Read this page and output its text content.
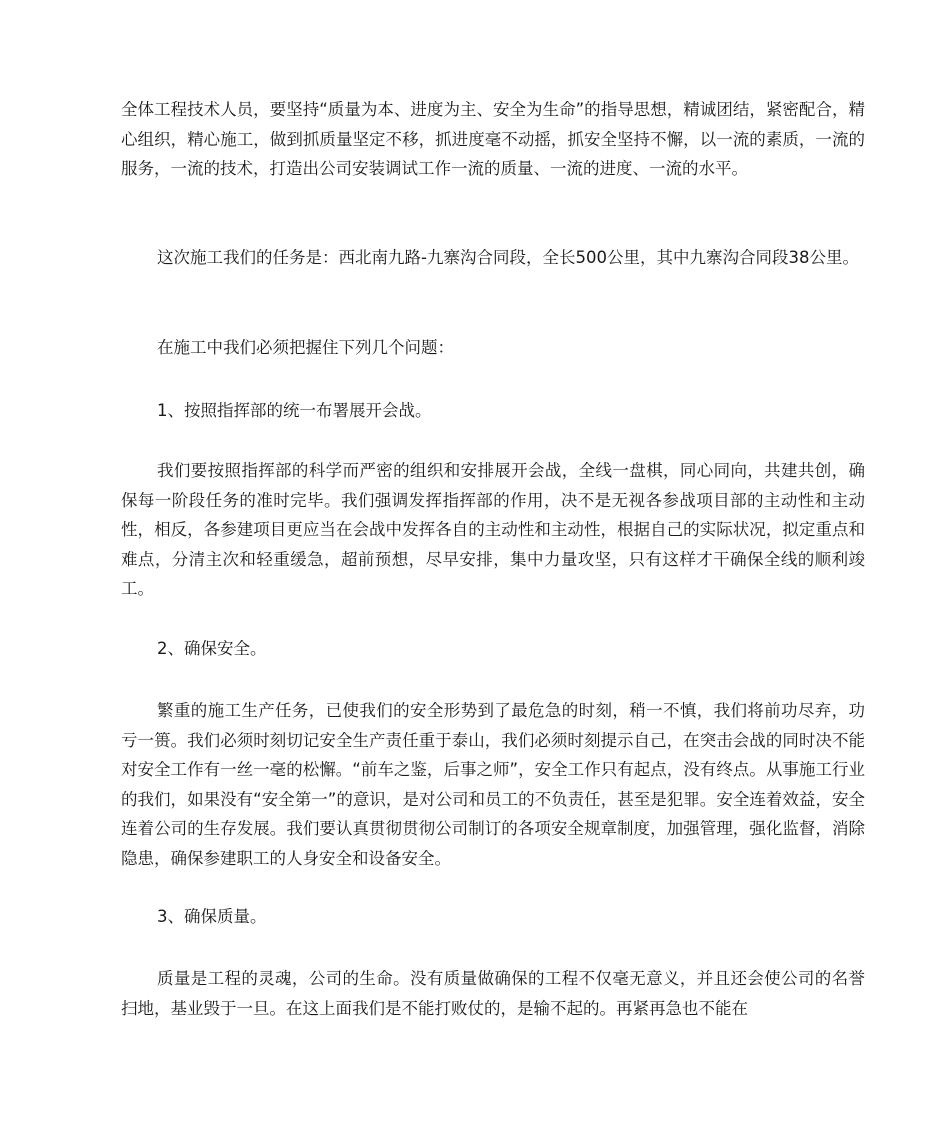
全体工程技术人员，要坚持“质量为本、进度为主、安全为生命”的指导思想，精诚团结，紧密配合，精心组织，精心施工，做到抓质量坚定不移，抓进度毫不动摇，抓安全坚持不懈，以一流的素质，一流的服务，一流的技术，打造出公司安装调试工作一流的质量、一流的进度、一流的水平。

这次施工我们的任务是：西北南九路-九寨沟合同段，全长500公里，其中九寨沟合同段38公里。

在施工中我们必须把握住下列几个问题：

1、按照指挥部的统一布署展开会战。

我们要按照指挥部的科学而严密的组织和安排展开会战，全线一盘棋，同心同向，共建共创，确保每一阶段任务的准时完毕。我们强调发挥指挥部的作用，决不是无视各参战项目部的主动性和主动性，相反，各参建项目更应当在会战中发挥各自的主动性和主动性，根据自己的实际状况，拟定重点和难点，分清主次和轻重缓急，超前预想，尽早安排，集中力量攻坚，只有这样才干确保全线的顺利竣工。

2、确保安全。

繁重的施工生产任务，已使我们的安全形势到了最危急的时刻，稍一不慎，我们将前功尽弃，功亏一篑。我们必须时刻切记安全生产责任重于泰山，我们必须时刻提示自己，在突击会战的同时决不能对安全工作有一丝一毫的松懈。“前车之鉴，后事之师”，安全工作只有起点，没有终点。从事施工行业的我们，如果没有“安全第一”的意识，是对公司和员工的不负责任，甚至是犯罪。安全连着效益，安全连着公司的生存发展。我们要认真贯彻贯彻公司制订的各项安全规章制度，加强管理，强化监督，消除隐患，确保参建职工的人身安全和设备安全。

3、确保质量。

质量是工程的灵魂，公司的生命。没有质量做确保的工程不仅毫无意义，并且还会使公司的名誉扫地，基业毁于一旦。在这上面我们是不能打败仗的，是输不起的。再紧再急也不能在
